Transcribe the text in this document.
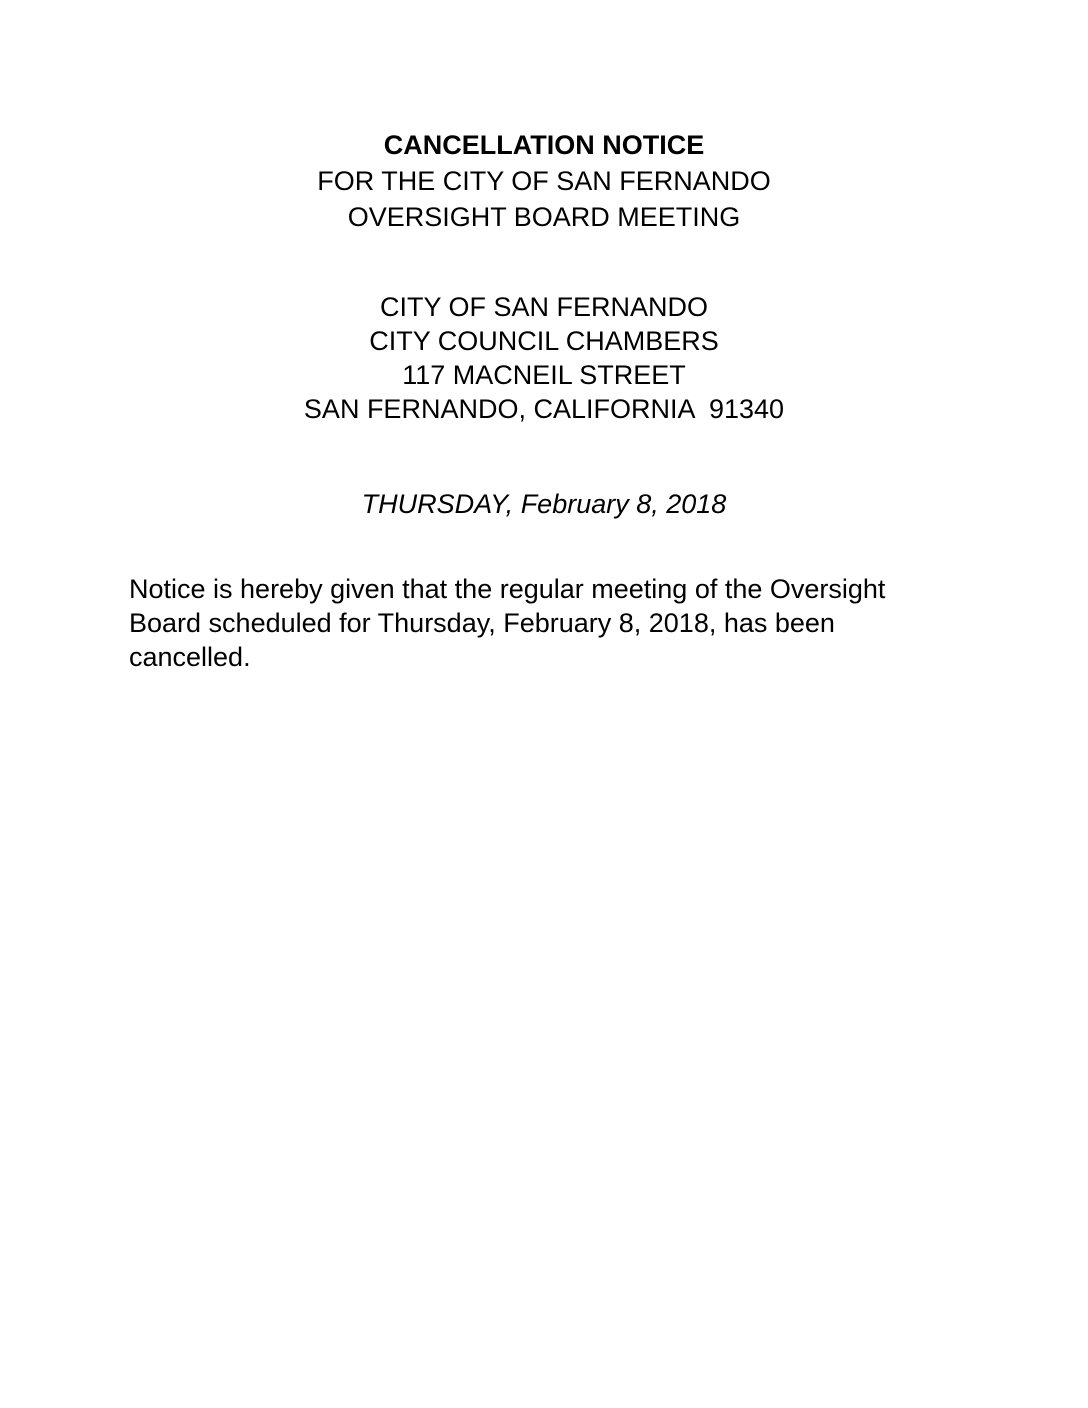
CANCELLATION NOTICE
FOR THE CITY OF SAN FERNANDO
OVERSIGHT BOARD MEETING
CITY OF SAN FERNANDO
CITY COUNCIL CHAMBERS
117 MACNEIL STREET
SAN FERNANDO, CALIFORNIA  91340
THURSDAY, February 8, 2018
Notice is hereby given that the regular meeting of the Oversight Board scheduled for Thursday, February 8, 2018, has been cancelled.
